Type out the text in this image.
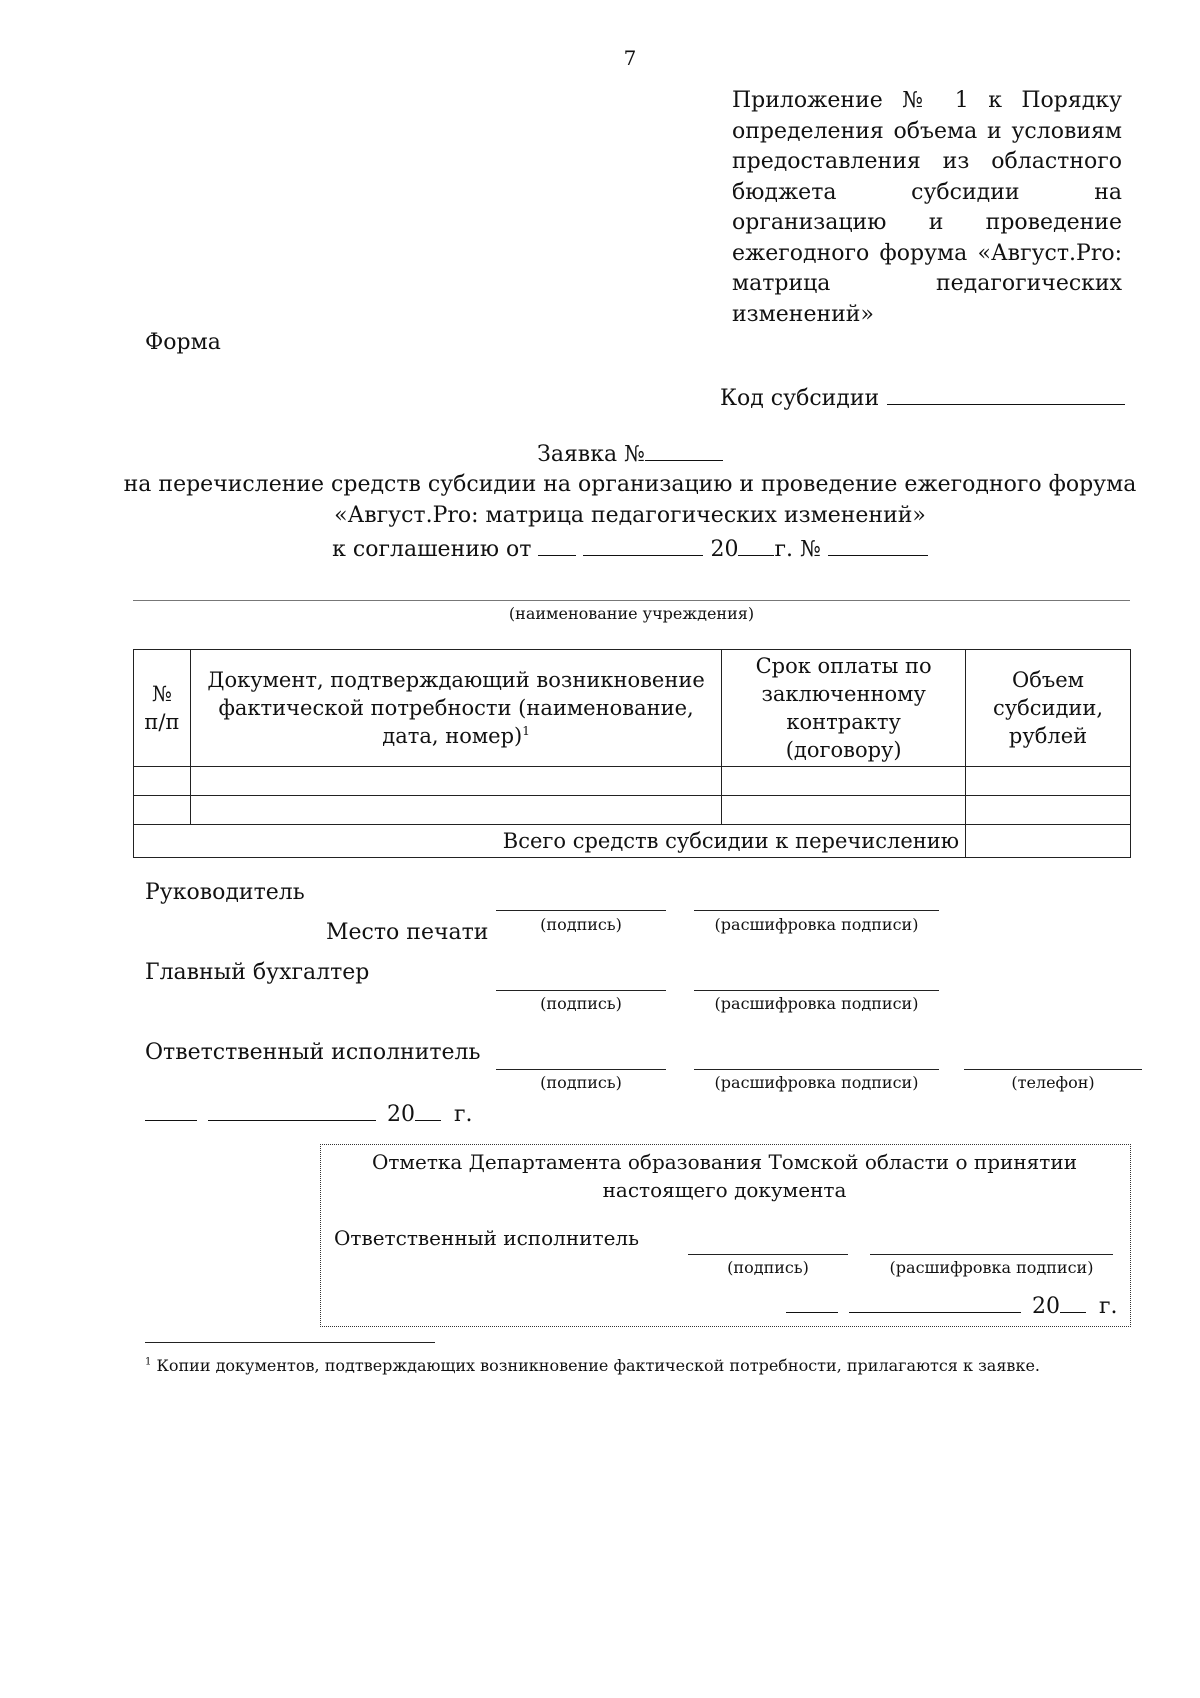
7
Приложение № 1 к Порядку
определения объема и условиям
предоставления из областного
бюджета субсидии на
организацию и проведение
ежегодного форума «Август.Pro:
матрица педагогических
изменений»
Форма
Код субсидии
Заявка №
на перечисление средств субсидии на организацию и проведение ежегодного форума
«Август.Pro: матрица педагогических изменений»
к соглашению от	20 г. №
(наименование учреждения)
№ п/п	Документ, подтверждающий возникновение фактической потребности (наименование, дата, номер)$^1$	Срок оплаты по заключенному контракту (договору)	Объем субсидии, рублей

Всего средств субсидии к перечислению			
Руководитель
(подпись)	(расшифровка подписи)
Место печати
Главный бухгалтер
(подпись)	(расшифровка подписи)
Ответственный исполнитель
(подпись)	(расшифровка подписи)	(телефон)
20 г.
Отметка Департамента образования Томской области о принятии
настоящего документа
Ответственный исполнитель
(подпись)	(расшифровка подписи)
20 г.
$^1$ Копии документов, подтверждающих возникновение фактической потребности, прилагаются к заявке.
